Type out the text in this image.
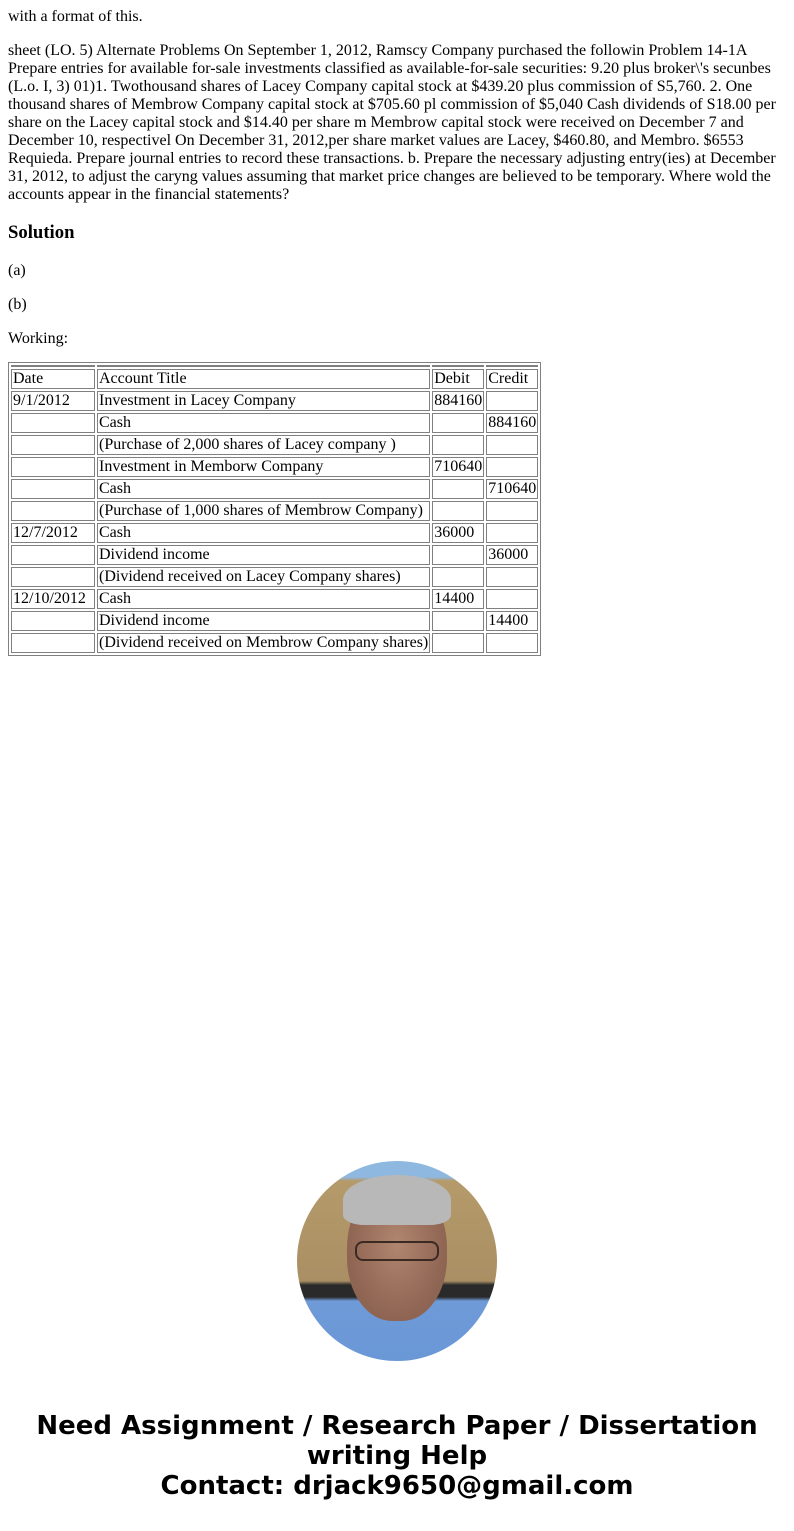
with a format of this.

sheet (LO. 5) Alternate Problems On September 1, 2012, Ramscy Company purchased the followin Problem 14-1A Prepare entries for available for-sale investments classified as available-for-sale securities: 9.20 plus broker\'s secunbes (L.o. I, 3) 01)1. Twothousand shares of Lacey Company capital stock at $439.20 plus commission of S5,760. 2. One thousand shares of Membrow Company capital stock at $705.60 pl commission of $5,040 Cash dividends of S18.00 per share on the Lacey capital stock and $14.40 per share m Membrow capital stock were received on December 7 and December 10, respectivel On December 31, 2012,per share market values are Lacey, $460.80, and Membro. $6553 Requieda. Prepare journal entries to record these transactions. b. Prepare the necessary adjusting entry(ies) at December 31, 2012, to adjust the caryng values assuming that market price changes are believed to be temporary. Where wold the accounts appear in the financial statements?

Solution

(a)

(b)

Working:

Date	Account Title	Debit	Credit
9/1/2012	Investment in Lacey Company	884160	
	Cash		884160
	(Purchase of 2,000 shares of Lacey company )		
	Investment in Memborw Company	710640	
	Cash		710640
	(Purchase of 1,000 shares of Membrow Company)		
12/7/2012	Cash	36000	
	Dividend income		36000
	(Dividend received on Lacey Company shares)		
12/10/2012	Cash	14400	
	Dividend income		14400
	(Dividend received on Membrow Company shares)		
Need Assignment / Research Paper / Dissertation
writing Help
Contact: drjack9650@gmail.com
